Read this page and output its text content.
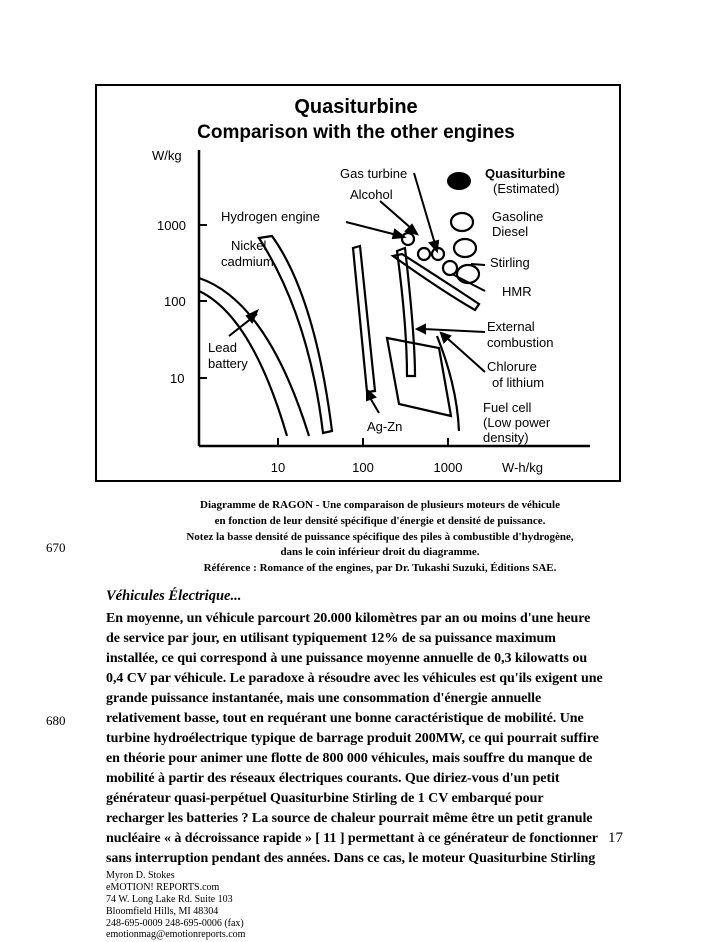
Quasiturbine
Comparison with the other engines
W/kg
W-h/kg
1000
100
10
10	100	1000
Hydrogen engine
Gas turbine
Alcohol
Nickel
cadmium
Lead
battery
Ag-Zn
Quasiturbine
(Estimated)
Gasoline
Diesel
Stirling
HMR
External
combustion
Chlorure
of lithium
Fuel cell
(Low power
density)
Diagramme de RAGON - Une comparaison de plusieurs moteurs de véhicule
en fonction de leur densité spécifique d'énergie et densité de puissance.
Notez la basse densité de puissance spécifique des piles à combustible d'hydrogène,
dans le coin inférieur droit du diagramme.
Référence : Romance of the engines, par Dr. Tukashi Suzuki, Éditions SAE.
670
680
Véhicules Électrique...
En moyenne, un véhicule parcourt 20.000 kilomètres par an ou moins d'une heure
de service par jour, en utilisant typiquement 12% de sa puissance maximum
installée, ce qui correspond à une puissance moyenne annuelle de 0,3 kilowatts ou
0,4 CV par véhicule. Le paradoxe à résoudre avec les véhicules est qu'ils exigent une
grande puissance instantanée, mais une consommation d'énergie annuelle
relativement basse, tout en requérant une bonne caractéristique de mobilité. Une
turbine hydroélectrique typique de barrage produit 200MW, ce qui pourrait suffire
en théorie pour animer une flotte de 800 000 véhicules, mais souffre du manque de
mobilité à partir des réseaux électriques courants. Que diriez-vous d'un petit
générateur quasi-perpétuel Quasiturbine Stirling de 1 CV embarqué pour
recharger les batteries ? La source de chaleur pourrait même être un petit granule
nucléaire « à décroissance rapide » [ 11 ] permettant à ce générateur de fonctionner
sans interruption pendant des années. Dans ce cas, le moteur Quasiturbine Stirling
Myron D. Stokes
eMOTION! REPORTS.com
74 W. Long Lake Rd. Suite 103
Bloomfield Hills, MI 48304
248-695-0009 248-695-0006 (fax)
emotionmag@emotionreports.com
17
